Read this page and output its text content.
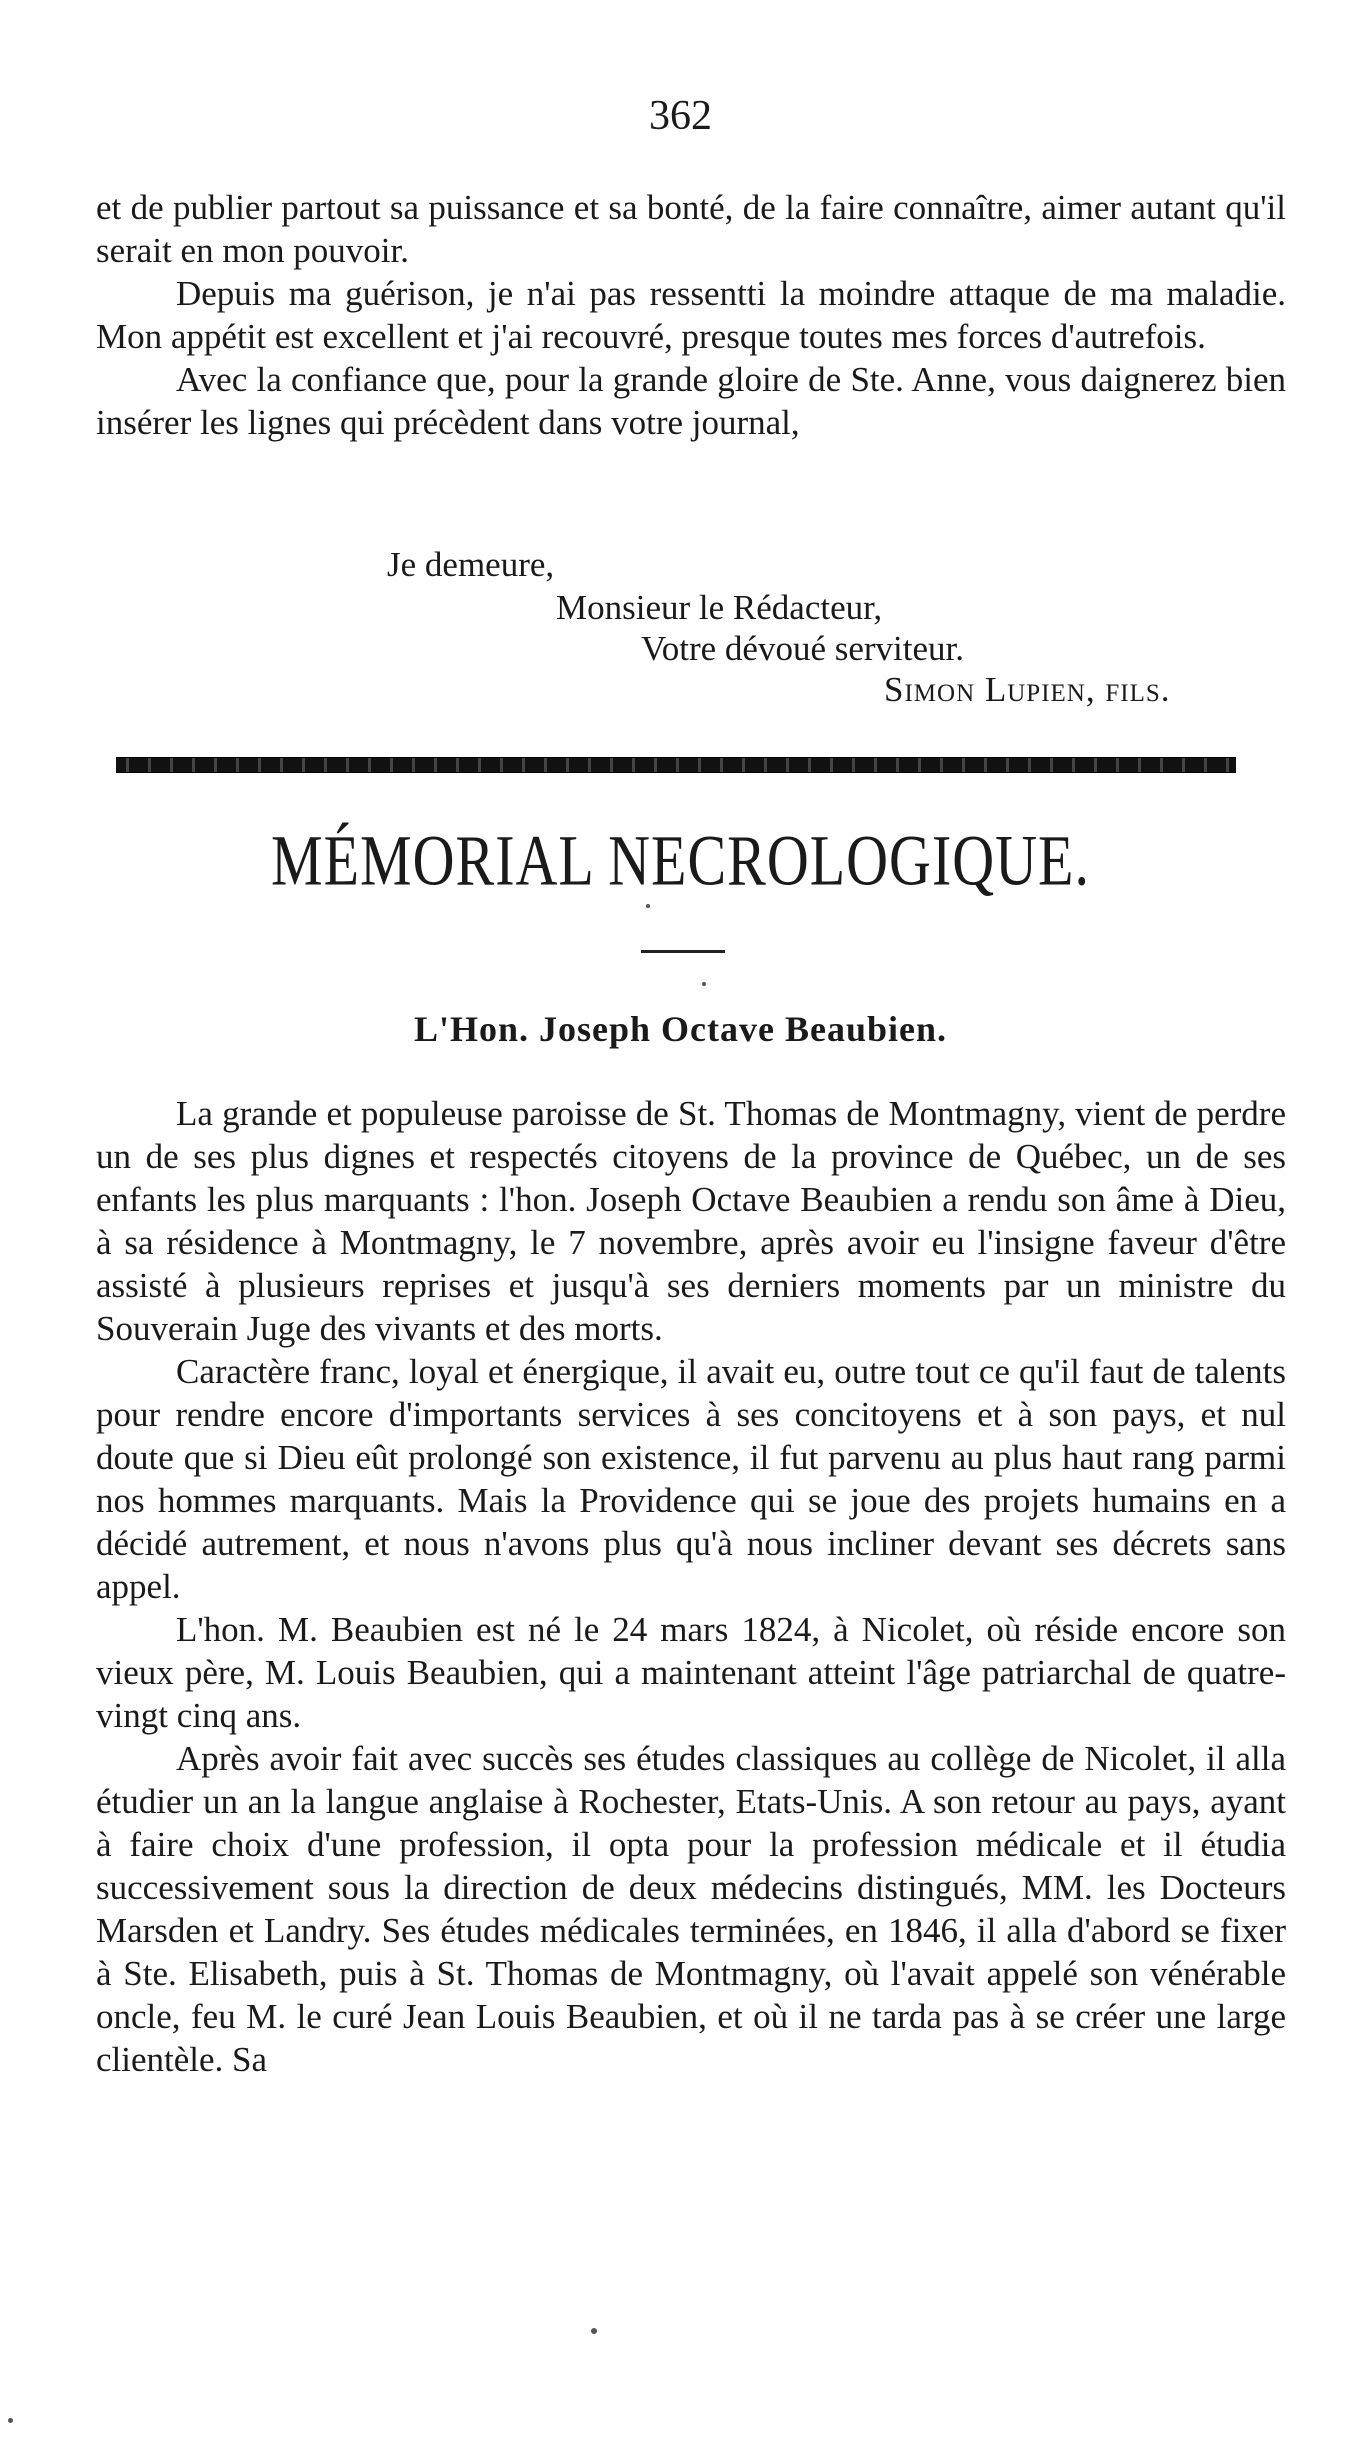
362

et de publier partout sa puissance et sa bonté, de la faire connaître, aimer autant qu'il serait en mon pouvoir.

Depuis ma guérison, je n'ai pas ressentti la moindre attaque de ma maladie. Mon appétit est excellent et j'ai recouvré, presque toutes mes forces d'autrefois.

Avec la confiance que, pour la grande gloire de Ste. Anne, vous daignerez bien insérer les lignes qui précèdent dans votre journal,

Je demeure,
Monsieur le Rédacteur,
Votre dévoué serviteur.
Simon Lupien, fils.
MÉMORIAL NECROLOGIQUE.
L'Hon. Joseph Octave Beaubien.

La grande et populeuse paroisse de St. Thomas de Montmagny, vient de perdre un de ses plus dignes et respectés citoyens de la province de Québec, un de ses enfants les plus marquants : l'hon. Joseph Octave Beaubien a rendu son âme à Dieu, à sa résidence à Montmagny, le 7 novembre, après avoir eu l'insigne faveur d'être assisté à plusieurs reprises et jusqu'à ses derniers moments par un ministre du Souverain Juge des vivants et des morts.

Caractère franc, loyal et énergique, il avait eu, outre tout ce qu'il faut de talents pour rendre encore d'importants services à ses concitoyens et à son pays, et nul doute que si Dieu eût prolongé son existence, il fut parvenu au plus haut rang parmi nos hommes marquants. Mais la Providence qui se joue des projets humains en a décidé autrement, et nous n'avons plus qu'à nous incliner devant ses décrets sans appel.

L'hon. M. Beaubien est né le 24 mars 1824, à Nicolet, où réside encore son vieux père, M. Louis Beaubien, qui a maintenant atteint l'âge patriarchal de quatre-vingt cinq ans.

Après avoir fait avec succès ses études classiques au collège de Nicolet, il alla étudier un an la langue anglaise à Rochester, Etats-Unis. A son retour au pays, ayant à faire choix d'une profession, il opta pour la profession médicale et il étudia successivement sous la direction de deux médecins distingués, MM. les Docteurs Marsden et Landry. Ses études médicales terminées, en 1846, il alla d'abord se fixer à Ste. Elisabeth, puis à St. Thomas de Montmagny, où l'avait appelé son vénérable oncle, feu M. le curé Jean Louis Beaubien, et où il ne tarda pas à se créer une large clientèle. Sa
